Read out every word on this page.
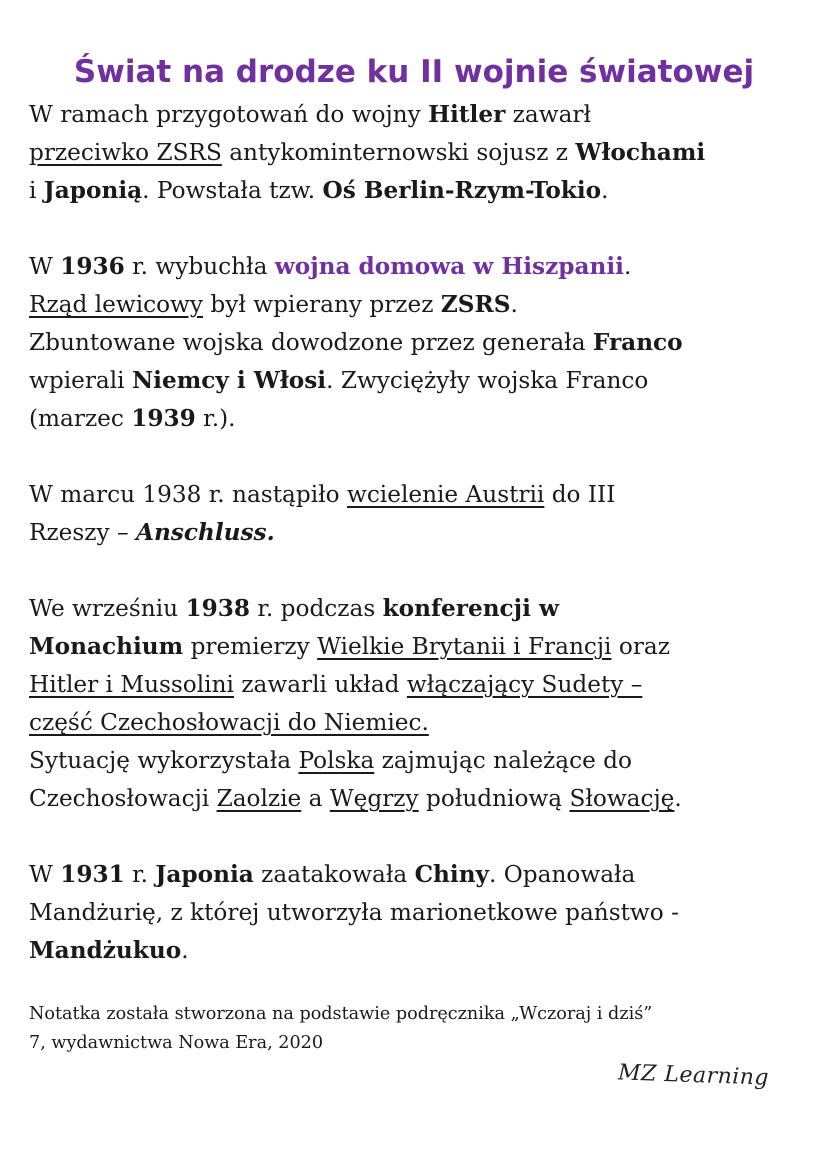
Świat na drodze ku II wojnie światowej
W ramach przygotowań do wojny Hitler zawarł
przeciwko ZSRS antykominternowski sojusz z Włochami
i Japonią. Powstała tzw. Oś Berlin-Rzym-Tokio.
W 1936 r. wybuchła wojna domowa w Hiszpanii.
Rząd lewicowy był wpierany przez ZSRS.
Zbuntowane wojska dowodzone przez generała Franco
wpierali Niemcy i Włosi. Zwyciężyły wojska Franco
(marzec 1939 r.).
W marcu 1938 r. nastąpiło wcielenie Austrii do III
Rzeszy – Anschluss.
We wrześniu 1938 r. podczas konferencji w
Monachium premierzy Wielkie Brytanii i Francji oraz
Hitler i Mussolini zawarli układ włączający Sudety –
część Czechosłowacji do Niemiec.
Sytuację wykorzystała Polska zajmując należące do
Czechosłowacji Zaolzie a Węgrzy południową Słowację.
W 1931 r. Japonia zaatakowała Chiny. Opanowała
Mandżurię, z której utworzyła marionetkowe państwo -
Mandżukuo.
Notatka została stworzona na podstawie podręcznika „Wczoraj i dziś”
7, wydawnictwa Nowa Era, 2020
MZ Learning
